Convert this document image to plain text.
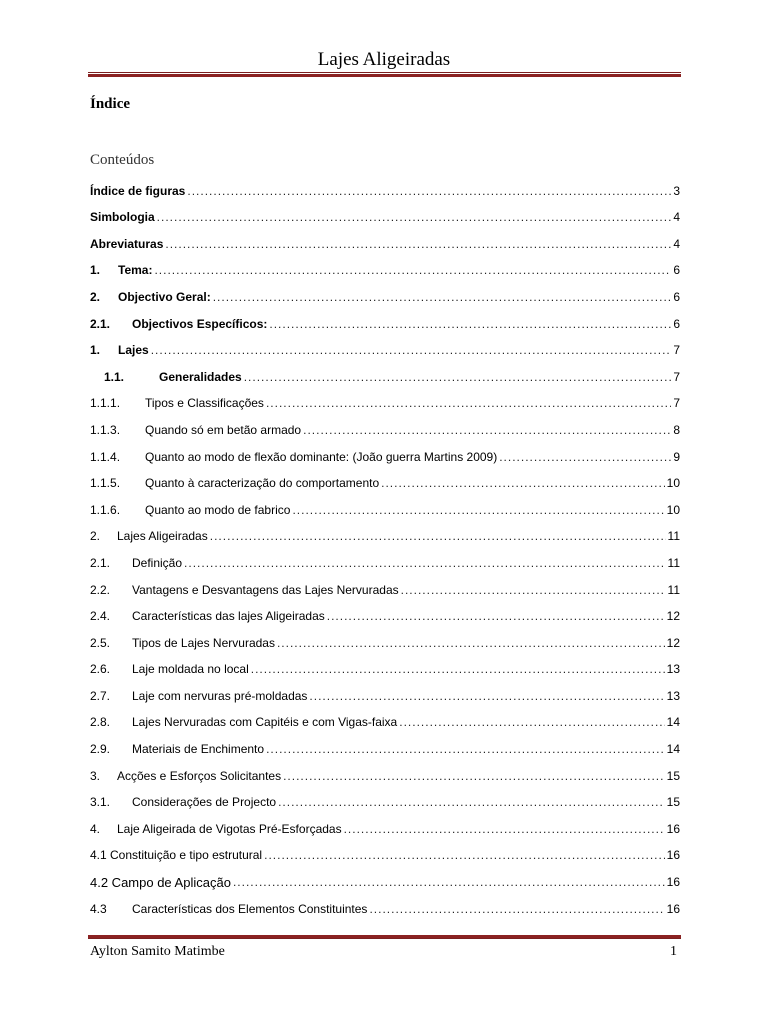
Lajes Aligeiradas
Índice
Conteúdos
Índice de figuras .....	3
Simbologia .....	4
Abreviaturas .....	4
1.	Tema: .....	6
2.	Objectivo Geral: .....	6
2.1.	Objectivos Específicos: .....	6
1.	Lajes .....	7
1.1.	Generalidades .....	7
1.1.1.	Tipos e Classificações .....	7
1.1.3.	Quando só em betão armado .....	8
1.1.4.	Quanto ao modo de flexão dominante: (João guerra Martins 2009) .....	9
1.1.5.	Quanto à caracterização do comportamento .....	10
1.1.6.	Quanto ao modo de fabrico .....	10
2.	Lajes Aligeiradas .....	11
2.1.	Definição .....	11
2.2.	Vantagens e Desvantagens das Lajes Nervuradas .....	11
2.4.	Características das lajes Aligeiradas .....	12
2.5.	Tipos de Lajes Nervuradas .....	12
2.6.	Laje moldada no local .....	13
2.7.	Laje com nervuras pré-moldadas .....	13
2.8.	Lajes Nervuradas com Capitéis e com Vigas-faixa .....	14
2.9.	Materiais de Enchimento .....	14
3.	Acções e Esforços Solicitantes .....	15
3.1.	Considerações de Projecto .....	15
4.	Laje Aligeirada de Vigotas Pré-Esforçadas .....	16
4.1 Constituição e tipo estrutural .....	16
4.2 Campo de Aplicação .....	16
4.3	Características dos Elementos Constituintes .....	16
Aylton Samito Matimbe	1
